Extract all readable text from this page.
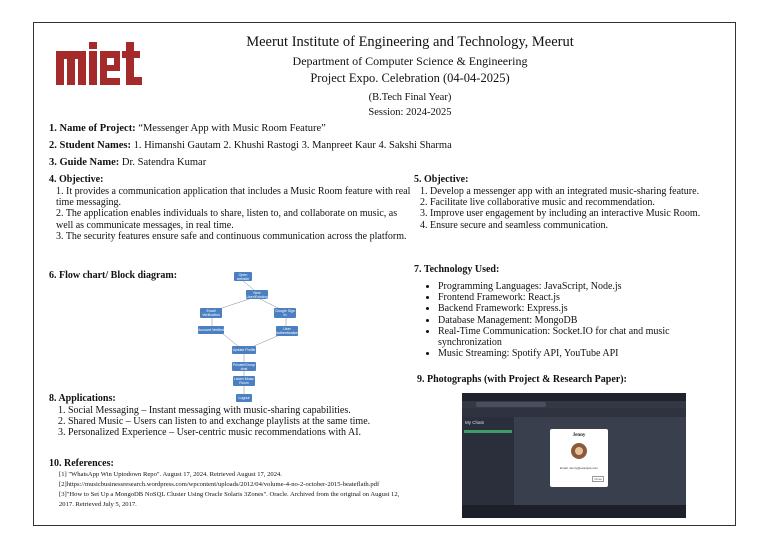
Meerut Institute of Engineering and Technology, Meerut
Department of Computer Science & Engineering
Project Expo. Celebration (04-04-2025)
(B.Tech Final Year)
Session: 2024-2025
1. Name of Project: “Messenger App with Music Room Feature”
2. Student Names: 1. Himanshi Gautam 2. Khushi Rastogi 3. Manpreet Kaur 4. Sakshi Sharma
3. Guide Name: Dr. Satendra Kumar
4. Objective:
1. It provides a communication application that includes a Music Room feature with real time messaging.
2. The application enables individuals to share, listen to, and collaborate on music, as well as communicate messages, in real time.
3. The security features ensure safe and continuous communication across the platform.
5. Objective:
1. Develop a messenger app with an integrated music-sharing feature.
2. Facilitate live collaborative music and recommendation.
3. Improve user engagement by including an interactive Music Room.
4. Ensure secure and seamless communication.
7. Technology Used:
• Programming Languages: JavaScript, Node.js
• Frontend Framework: React.js
• Backend Framework: Express.js
• Database Management: MongoDB
• Real-Time Communication: Socket.IO for chat and music synchronization
• Music Streaming: Spotify API, YouTube API
6. Flow chart/ Block diagram:	Open website
New User/Existing
Email Verification
Google Sign In
Account Verified	User Authentication
Update Profile
Private/Group chat
Listen Music Room
Logout
8. Applications:
1. Social Messaging – Instant messaging with music-sharing capabilities.
2. Shared Music – Users can listen to and exchange playlists at the same time.
3. Personalized Experience – User-centric music recommendations with AI.
10. References:
[1] "WhatsApp Win Uptodown Repo". August 17, 2024. Retrieved August 17, 2024.
[2]https://musicbusinessresearch.wordpress.com/wpcontent/uploads/2012/04/volume-4-no-2-october-2015-beateflath.pdf
[3]"How to Set Up a MongoDB NoSQL Cluster Using Oracle Solaris 3Zones". Oracle. Archived from the original on August 12, 2017. Retrieved July 5, 2017.
9. Photographs (with Project & Research Paper):
My Chats
Jenny
Email: Jenny@example.com
Close
